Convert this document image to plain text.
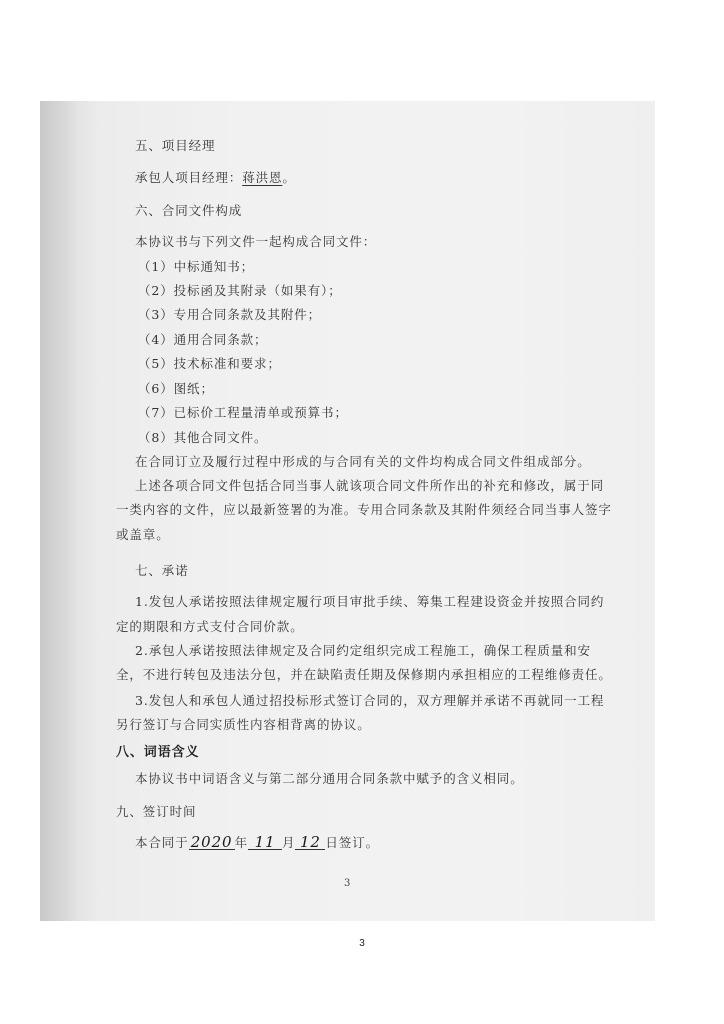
五、项目经理
承包人项目经理：蒋洪恩。
六、合同文件构成
本协议书与下列文件一起构成合同文件：
（1）中标通知书；
（2）投标函及其附录（如果有）；
（3）专用合同条款及其附件；
（4）通用合同条款；
（5）技术标准和要求；
（6）图纸；
（7）已标价工程量清单或预算书；
（8）其他合同文件。
在合同订立及履行过程中形成的与合同有关的文件均构成合同文件组成部分。
上述各项合同文件包括合同当事人就该项合同文件所作出的补充和修改，属于同
一类内容的文件，应以最新签署的为准。专用合同条款及其附件须经合同当事人签字
或盖章。
七、承诺
1.发包人承诺按照法律规定履行项目审批手续、筹集工程建设资金并按照合同约
定的期限和方式支付合同价款。
2.承包人承诺按照法律规定及合同约定组织完成工程施工，确保工程质量和安
全，不进行转包及违法分包，并在缺陷责任期及保修期内承担相应的工程维修责任。
3.发包人和承包人通过招投标形式签订合同的，双方理解并承诺不再就同一工程
另行签订与合同实质性内容相背离的协议。
八、词语含义
本协议书中词语含义与第二部分通用合同条款中赋予的含义相同。
九、签订时间
本合同于 2020 年 11 月 12 日签订。
3
3
